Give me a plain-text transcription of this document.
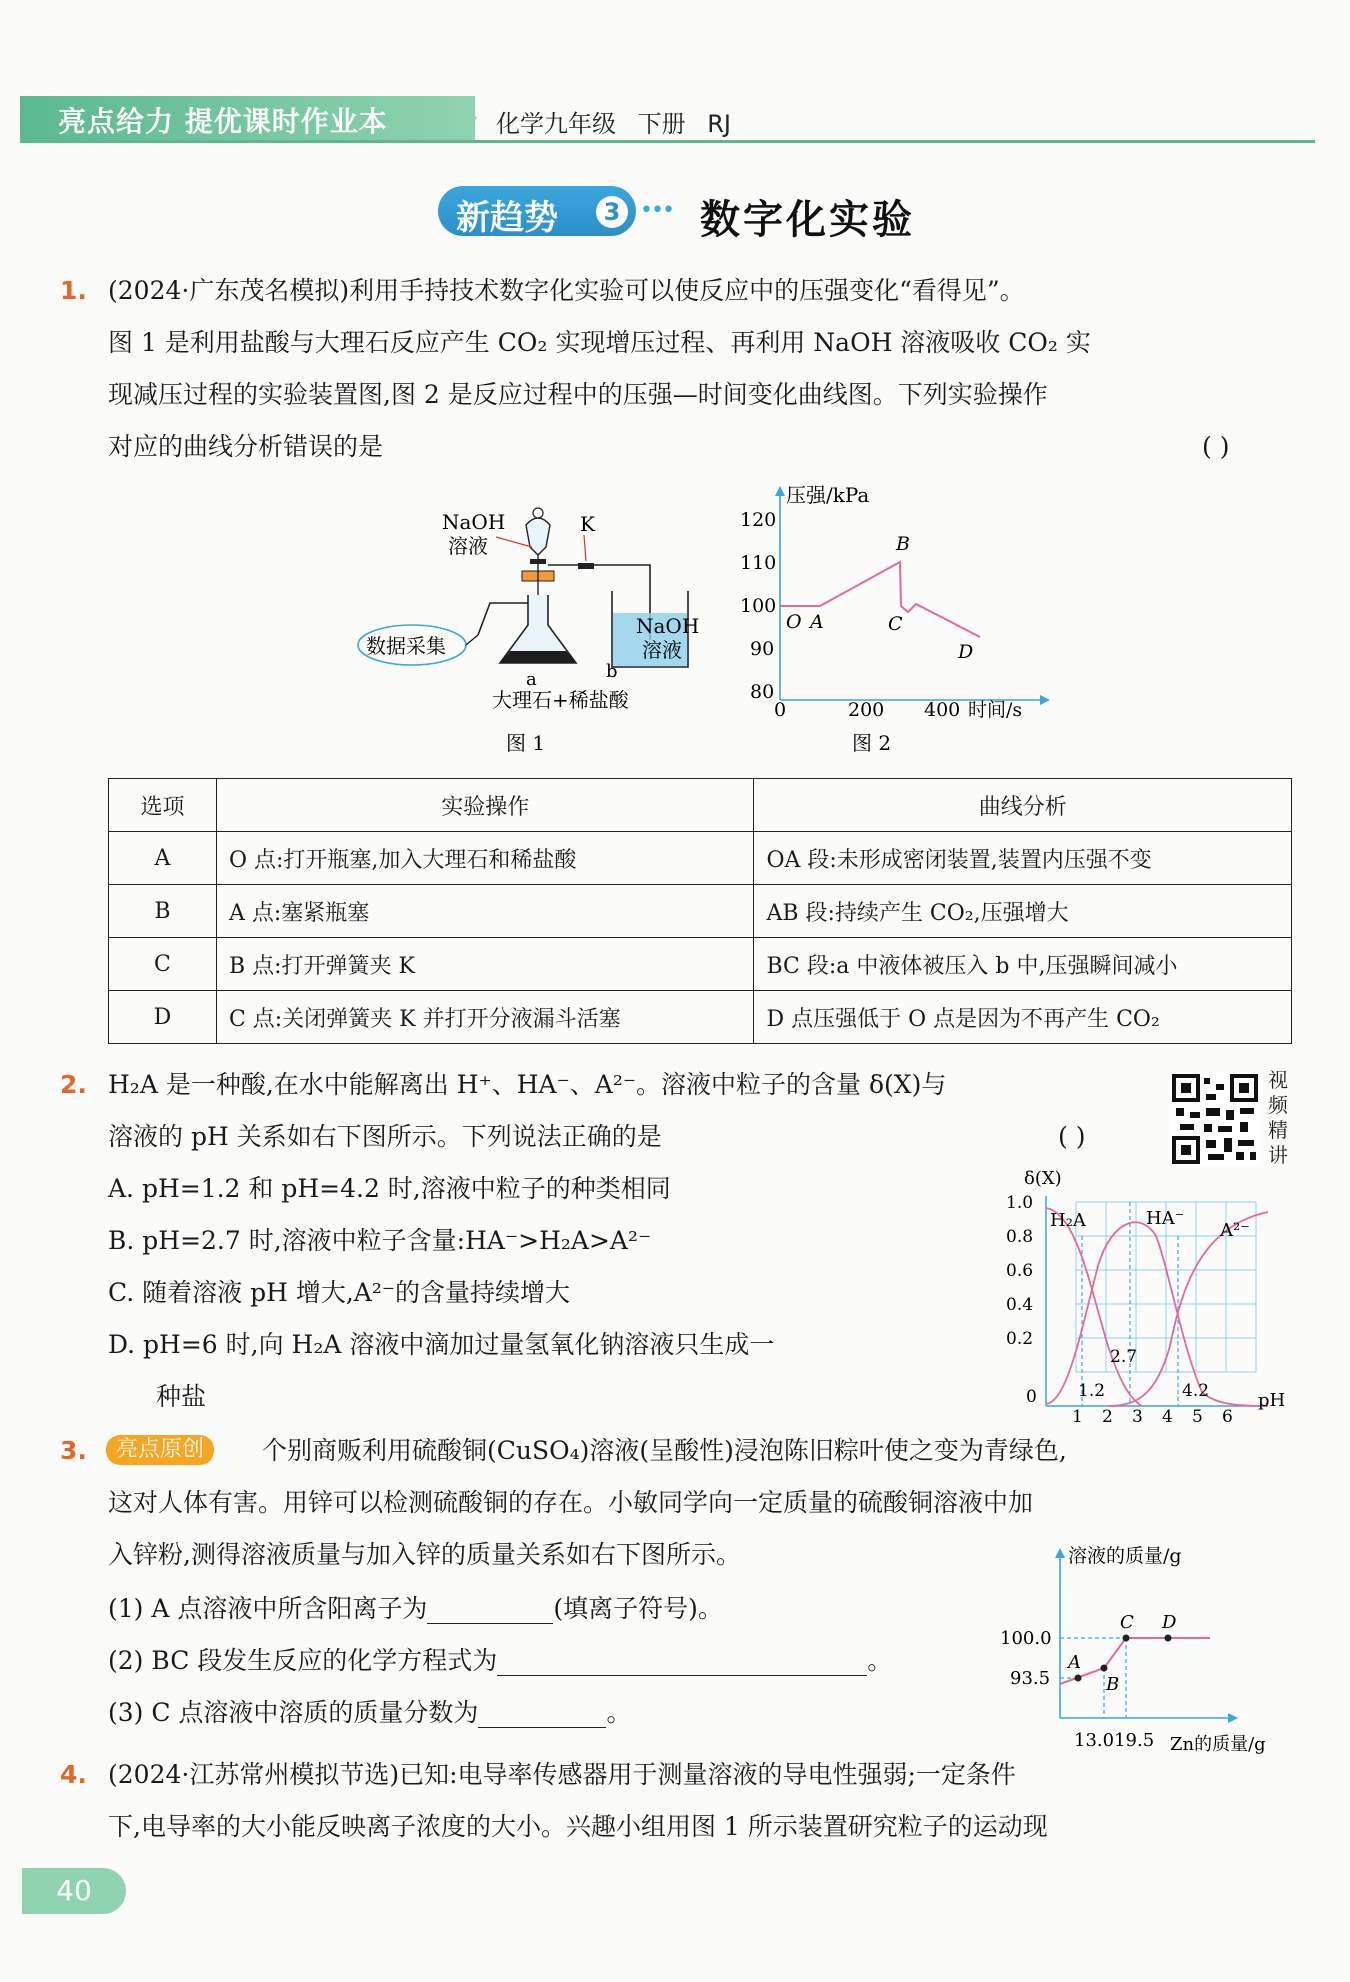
亮点给力 提优课时作业本	化学九年级 下册 RJ
新趋势	3 ••• 数字化实验
1. (2024·广东茂名模拟)利用手持技术数字化实验可以使反应中的压强变化“看得见”。
图 1 是利用盐酸与大理石反应产生 CO₂ 实现增压过程、再利用 NaOH 溶液吸收 CO₂ 实
现减压过程的实验装置图,图 2 是反应过程中的压强—时间变化曲线图。下列实验操作
对应的曲线分析错误的是	( )
数据采集
NaOH
溶液
K
NaOH
溶液
a	b
大理石+稀盐酸
图 1
压强/kPa
120
110
100
90
80
0	200 400 时间/s
O A
B
C
D
图 2
选项	实验操作	曲线分析
A	O 点:打开瓶塞,加入大理石和稀盐酸	OA 段:未形成密闭装置,装置内压强不变
B	A 点:塞紧瓶塞	AB 段:持续产生 CO₂,压强增大
C	B 点:打开弹簧夹 K	BC 段:a 中液体被压入 b 中,压强瞬间减小
D	C 点:关闭弹簧夹 K 并打开分液漏斗活塞	D 点压强低于 O 点是因为不再产生 CO₂
2. H₂A 是一种酸,在水中能解离出 H⁺、HA⁻、A²⁻。溶液中粒子的含量 δ(X)与
溶液的 pH 关系如右下图所示。下列说法正确的是	( )
视
频
精
讲
A. pH=1.2 和 pH=4.2 时,溶液中粒子的种类相同
B. pH=2.7 时,溶液中粒子含量:HA⁻>H₂A>A²⁻
C. 随着溶液 pH 增大,A²⁻的含量持续增大
D. pH=6 时,向 H₂A 溶液中滴加过量氢氧化钠溶液只生成一
种盐
δ(X)
1.0
0.8
0.6
0.4
0.2
0
1 2 3 4 5 6
pH
H₂A	HA⁻
A²⁻
2.7
1.2	4.2
3.	亮点原创	个别商贩利用硫酸铜(CuSO₄)溶液(呈酸性)浸泡陈旧粽叶使之变为青绿色,
这对人体有害。用锌可以检测硫酸铜的存在。小敏同学向一定质量的硫酸铜溶液中加
入锌粉,测得溶液质量与加入锌的质量关系如右下图所示。
(1) A 点溶液中所含阳离子为	(填离子符号)。
(2) BC 段发生反应的化学方程式为	。
(3) C 点溶液中溶质的质量分数为	。
溶液的质量/g
100.0
93.5
13.019.5 Zn的质量/g
A
B
C D
4. (2024·江苏常州模拟节选)已知:电导率传感器用于测量溶液的导电性强弱;一定条件
下,电导率的大小能反映离子浓度的大小。兴趣小组用图 1 所示装置研究粒子的运动现
40
